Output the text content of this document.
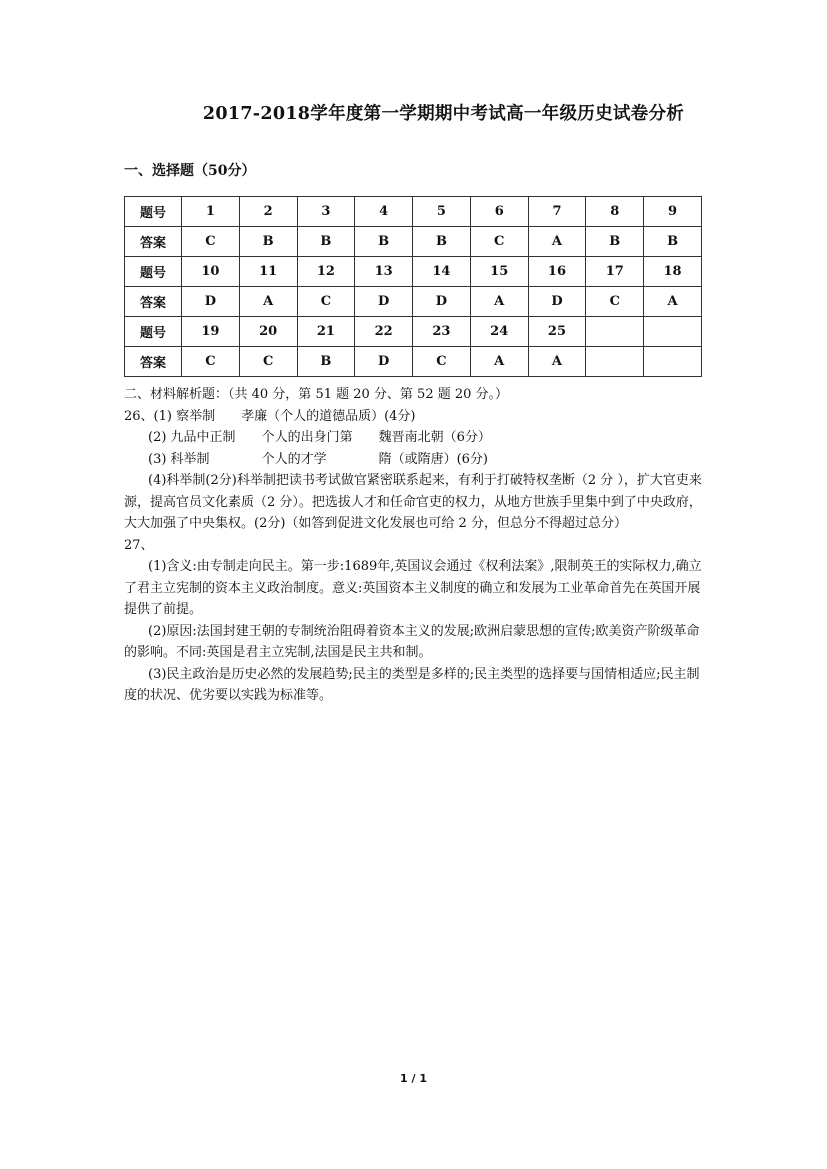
2017-2018学年度第一学期期中考试高一年级历史试卷分析
一、选择题（50分）
题号	1	2	3	4	5	6	7	8	9
答案	C	B	B	B	B	C	A	B	B
题号	10	11	12	13	14	15	16	17	18
答案	D	A	C	D	D	A	D	C	A
题号	19	20	21	22	23	24	25		
答案	C	C	B	D	C	A	A		

二、材料解析题：（共 40 分，第 51 题 20 分、第 52 题 20 分。）

26、(1) 察举制 孝廉（个人的道德品质）(4分)

(2) 九品中正制 个人的出身门第 魏晋南北朝（6分）

(3) 科举制	个人的才学	隋（或隋唐）(6分)

(4)科举制(2分)科举制把读书考试做官紧密联系起来，有利于打破特权垄断（2 分 ），扩大官吏来源，提高官员文化素质（2 分）。把选拔人才和任命官吏的权力，从地方世族手里集中到了中央政府，大大加强了中央集权。(2分)（如答到促进文化发展也可给 2 分，但总分不得超过总分）

27、

(1)含义:由专制走向民主。第一步:1689年,英国议会通过《权利法案》,限制英王的实际权力,确立了君主立宪制的资本主义政治制度。意义:英国资本主义制度的确立和发展为工业革命首先在英国开展提供了前提。

(2)原因:法国封建王朝的专制统治阻碍着资本主义的发展;欧洲启蒙思想的宣传;欧美资产阶级革命的影响。不同:英国是君主立宪制,法国是民主共和制。

(3)民主政治是历史必然的发展趋势;民主的类型是多样的;民主类型的选择要与国情相适应;民主制度的状况、优劣要以实践为标准等。

1 / 1
